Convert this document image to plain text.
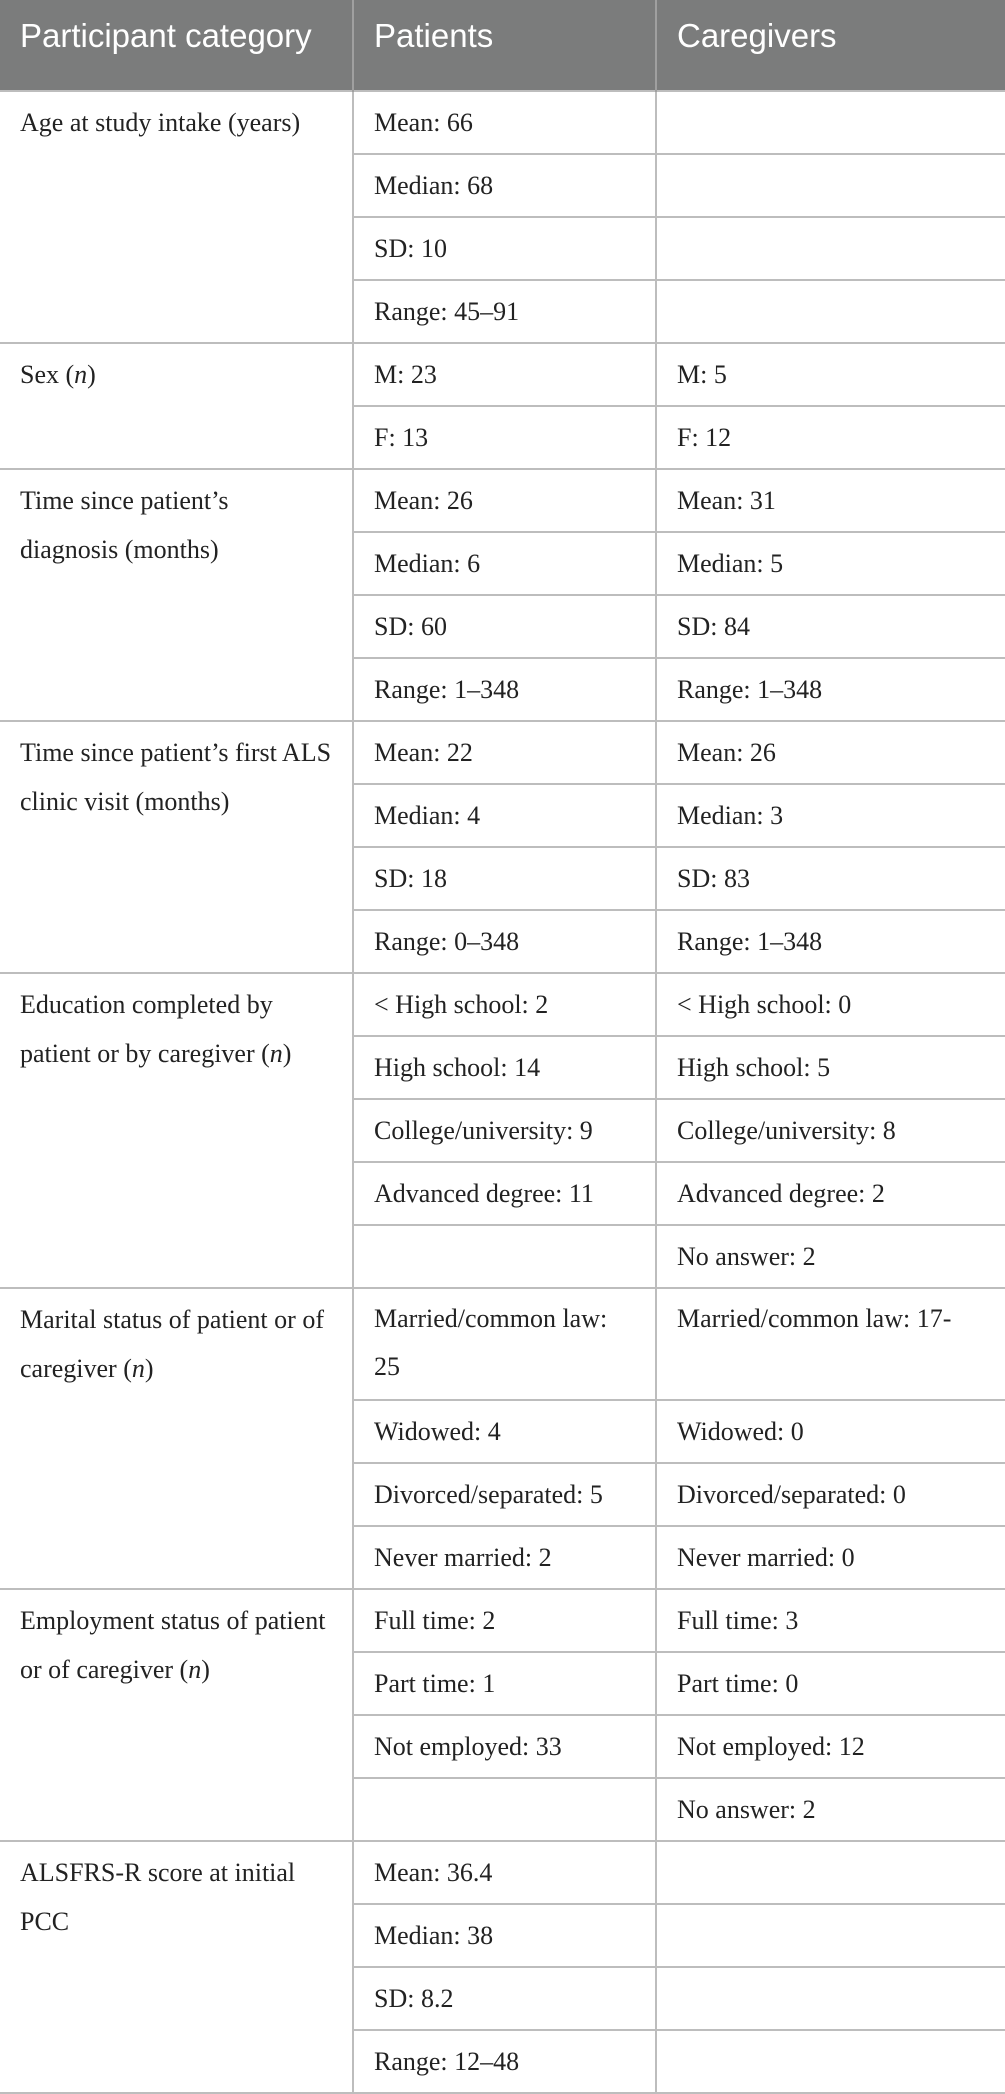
Participant category	Patients	Caregivers
Age at study intake (years)	Mean: 66	
	Median: 68	
	SD: 10	
	Range: 45–91	
Sex (n)	M: 23	M: 5
	F: 13	F: 12
Time since patient’s diagnosis (months)	Mean: 26	Mean: 31
	Median: 6	Median: 5
	SD: 60	SD: 84
	Range: 1–348	Range: 1–348
Time since patient’s first ALS clinic visit (months)	Mean: 22	Mean: 26
	Median: 4	Median: 3
	SD: 18	SD: 83
	Range: 0–348	Range: 1–348
Education completed by patient or by caregiver (n)	< High school: 2	< High school: 0
	High school: 14	High school: 5
	College/university: 9	College/university: 8
	Advanced degree: 11	Advanced degree: 2
		No answer: 2
Marital status of patient or of caregiver (n)	Married/common law: 25	Married/common law: 17-
	Widowed: 4	Widowed: 0
	Divorced/separated: 5	Divorced/separated: 0
	Never married: 2	Never married: 0
Employment status of patient or of caregiver (n)	Full time: 2	Full time: 3
	Part time: 1	Part time: 0
	Not employed: 33	Not employed: 12
		No answer: 2
ALSFRS-R score at initial PCC	Mean: 36.4	
	Median: 38	
	SD: 8.2	
	Range: 12–48	
